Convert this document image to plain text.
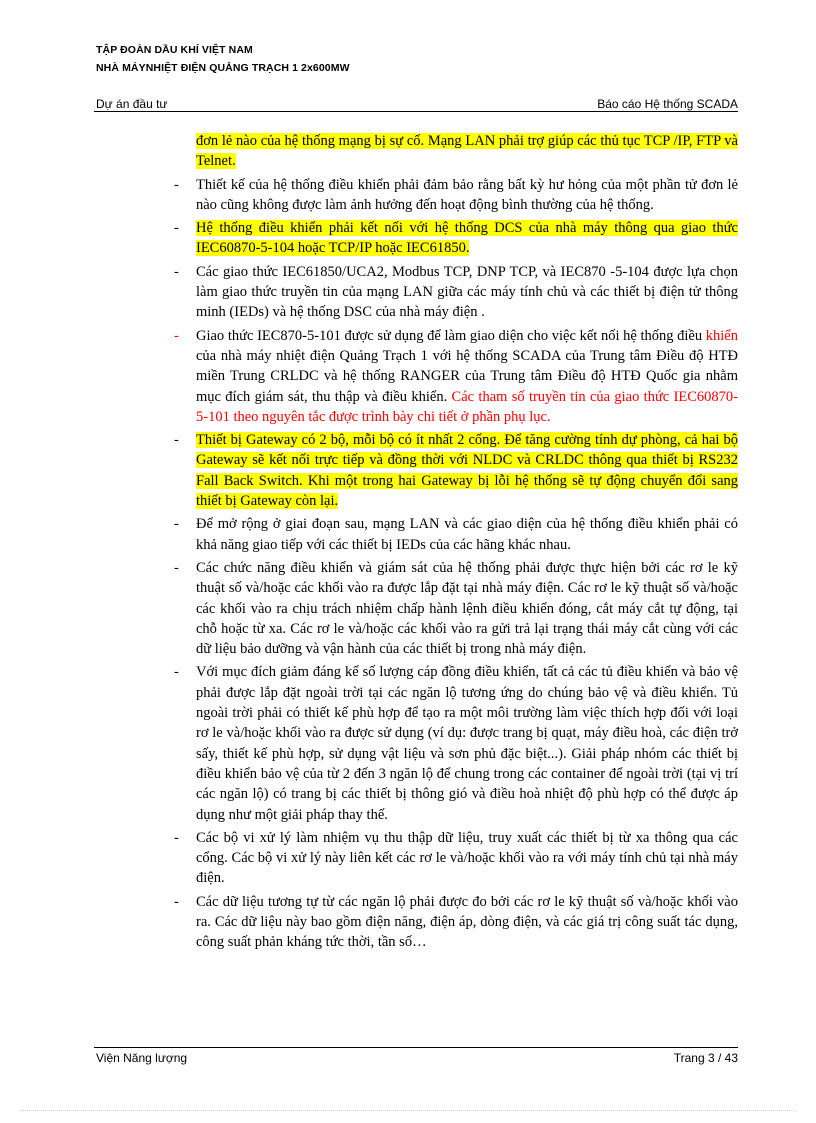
TẬP ĐOÀN DẦU KHÍ VIỆT NAM
NHÀ MÁYNHIỆT ĐIỆN QUẢNG TRẠCH 1 2x600MW
Dự án đầu tư	Báo cáo Hệ thống SCADA
đơn lẻ nào của hệ thống mạng bị sự cố. Mạng LAN phải trợ giúp các thủ tục TCP /IP, FTP và Telnet.
- Thiết kế của hệ thống điều khiển phải đảm bảo rằng bất kỳ hư hỏng của một phần tử đơn lẻ nào cũng không được làm ảnh hưởng đến hoạt động bình thường của hệ thống.
- Hệ thống điều khiển phải kết nối với hệ thống DCS của nhà máy thông qua giao thức IEC60870-5-104 hoặc TCP/IP hoặc IEC61850.
- Các giao thức IEC61850/UCA2, Modbus TCP, DNP TCP, và IEC870 -5-104 được lựa chọn làm giao thức truyền tin của mạng LAN giữa các máy tính chủ và các thiết bị điện tử thông minh (IEDs) và hệ thống DSC của nhà máy điện .
- Giao thức IEC870-5-101 được sử dụng để làm giao diện cho việc kết nối hệ thống điều khiển của nhà máy nhiệt điện Quảng Trạch 1 với hệ thống SCADA của Trung tâm Điều độ HTĐ miền Trung CRLDC và hệ thống RANGER của Trung tâm Điều độ HTĐ Quốc gia nhằm mục đích giám sát, thu thập và điều khiển. Các tham số truyền tin của giao thức IEC60870-5-101 theo nguyên tắc được trình bày chi tiết ở phần phụ lục.
- Thiết bị Gateway có 2 bộ, mỗi bộ có ít nhất 2 cổng. Để tăng cường tính dự phòng, cả hai bộ Gateway sẽ kết nối trực tiếp và đồng thời với NLDC và CRLDC thông qua thiết bị RS232 Fall Back Switch. Khi một trong hai Gateway bị lỗi hệ thống sẽ tự động chuyển đổi sang thiết bị Gateway còn lại.
- Để mở rộng ở giai đoạn sau, mạng LAN và các giao diện của hệ thống điều khiển phải có khả năng giao tiếp với các thiết bị IEDs của các hãng khác nhau.
- Các chức năng điều khiển và giám sát của hệ thống phải được thực hiện bởi các rơ le kỹ thuật số và/hoặc các khối vào ra được lắp đặt tại nhà máy điện. Các rơ le kỹ thuật số và/hoặc các khối vào ra chịu trách nhiệm chấp hành lệnh điều khiển đóng, cắt máy cắt tự động, tại chỗ hoặc từ xa. Các rơ le và/hoặc các khối vào ra gửi trả lại trạng thái máy cắt cùng với các dữ liệu bảo dưỡng và vận hành của các thiết bị trong nhà máy điện.
- Với mục đích giảm đáng kể số lượng cáp đồng điều khiển, tất cả các tủ điều khiển và bảo vệ phải được lắp đặt ngoài trời tại các ngăn lộ tương ứng do chúng bảo vệ và điều khiển. Tủ ngoài trời phải có thiết kế phù hợp để tạo ra một môi trường làm việc thích hợp đối với loại rơ le và/hoặc khối vào ra được sử dụng (ví dụ: được trang bị quạt, máy điều hoà, các điện trở sấy, thiết kế phù hợp, sử dụng vật liệu và sơn phủ đặc biệt...). Giải pháp nhóm các thiết bị điều khiển bảo vệ của từ 2 đến 3 ngăn lộ để chung trong các container để ngoài trời (tại vị trí các ngăn lộ) có trang bị các thiết bị thông gió và điều hoà nhiệt độ phù hợp có thể được áp dụng như một giải pháp thay thế.
- Các bộ vi xử lý làm nhiệm vụ thu thập dữ liệu, truy xuất các thiết bị từ xa thông qua các cổng. Các bộ vi xử lý này liên kết các rơ le và/hoặc khối vào ra với máy tính chủ tại nhà máy điện.
- Các dữ liệu tương tự từ các ngăn lộ phải được đo bởi các rơ le kỹ thuật số và/hoặc khối vào ra. Các dữ liệu này bao gồm điện năng, điện áp, dòng điện, và các giá trị công suất tác dụng, công suất phản kháng tức thời, tần số…
Viện Năng lượng	Trang 3 / 43
